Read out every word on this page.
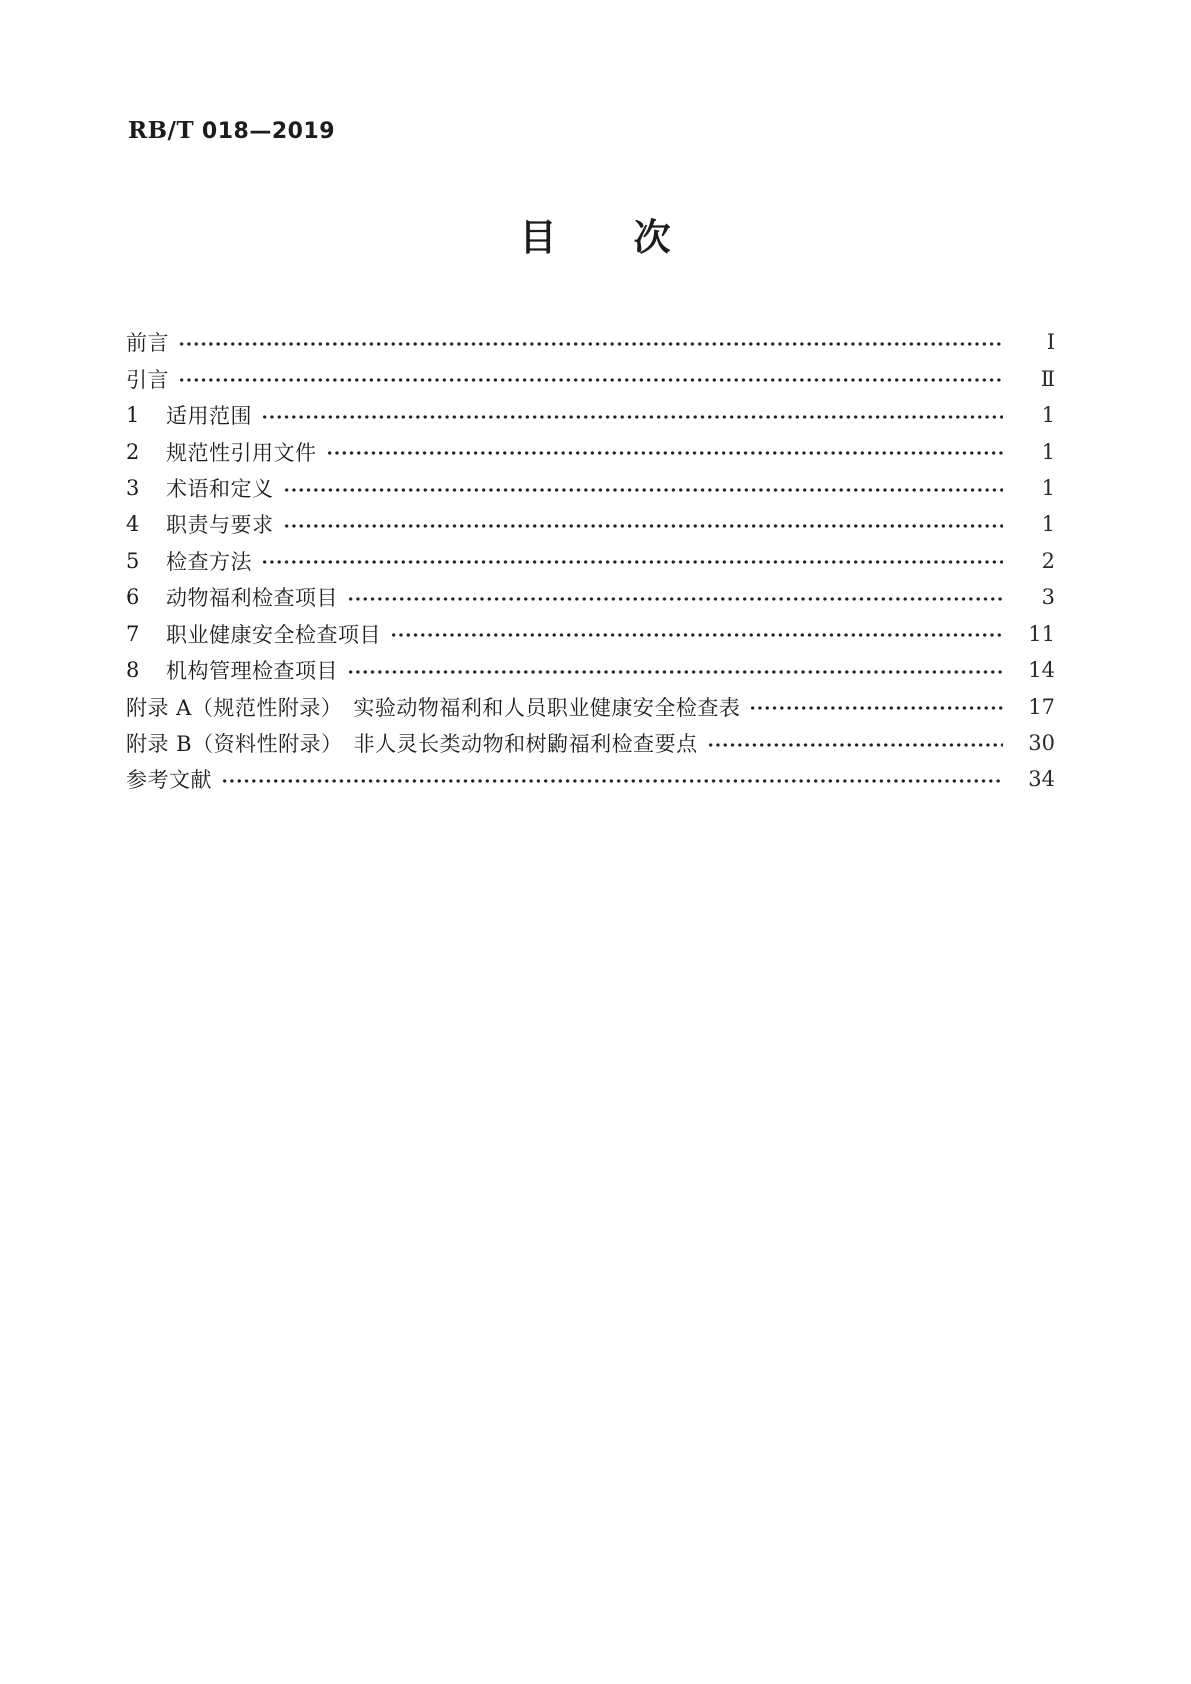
RB/T 018—2019
目　　次
前言	Ⅰ
引言	Ⅱ
1	适用范围	1
2	规范性引用文件	1
3	术语和定义	1
4	职责与要求	1
5	检查方法	2
6	动物福利检查项目	3
7	职业健康安全检查项目	11
8	机构管理检查项目	14
附录 A（规范性附录）　实验动物福利和人员职业健康安全检查表	17
附录 B（资料性附录）　非人灵长类动物和树鼩福利检查要点	30
参考文献	34
